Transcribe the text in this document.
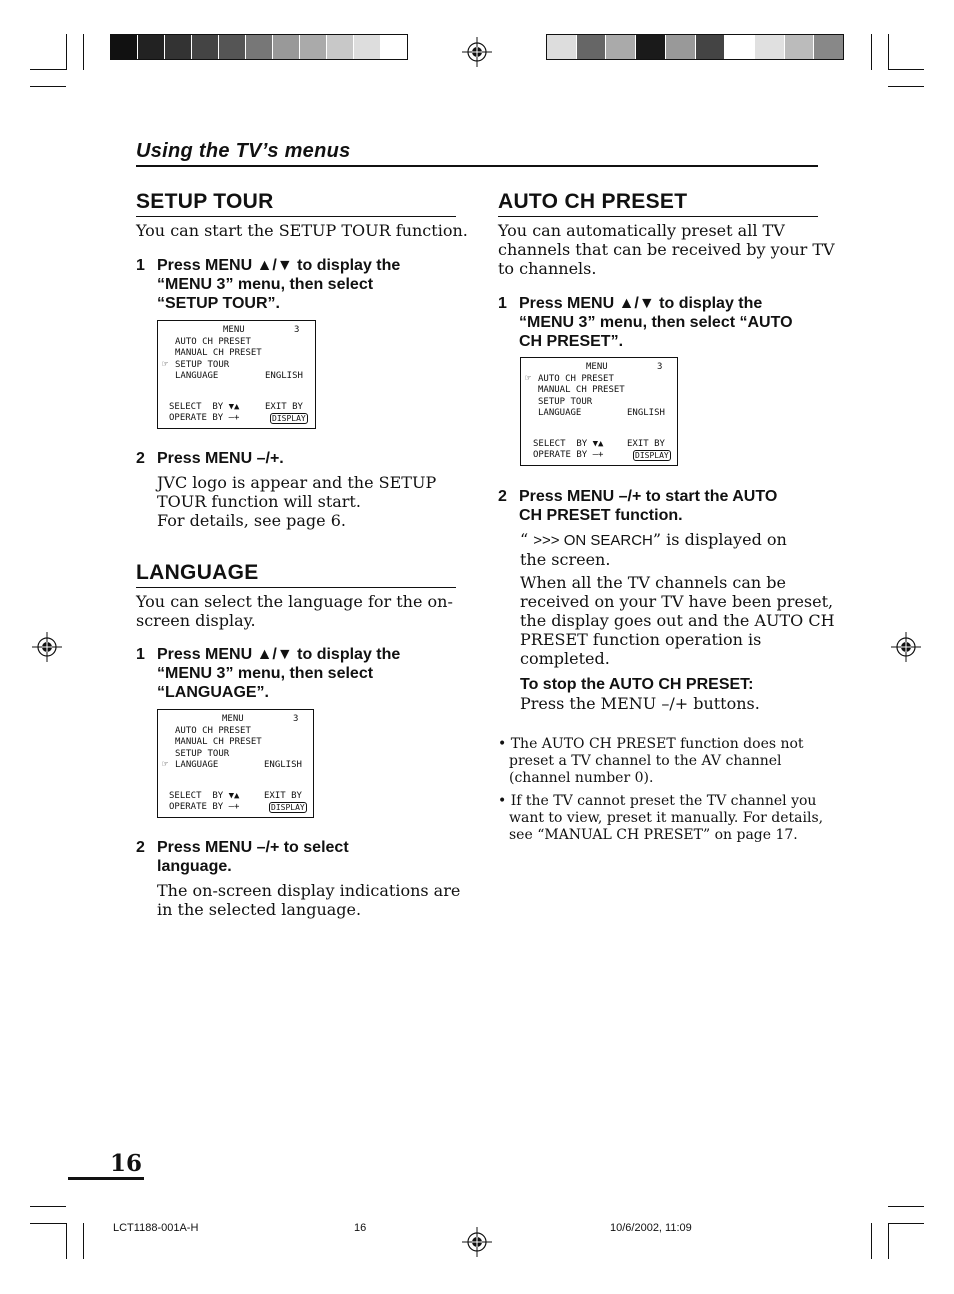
Using the TV’s menus
SETUP TOUR
You can start the SETUP TOUR function.
1 Press MENU ▲/▼ to display the
“MENU 3” menu, then select
“SETUP TOUR”.
MENU	3
AUTO CH PRESET
MANUAL CH PRESET
☞ SETUP TOUR
LANGUAGE	ENGLISH
SELECT  BY ▼▲	EXIT BY
OPERATE BY –+	DISPLAY
2 Press MENU –/+.
JVC logo is appear and the SETUP
TOUR function will start.
For details, see page 6.
LANGUAGE
You can select the language for the on-
screen display.
1 Press MENU ▲/▼ to display the
“MENU 3” menu, then select
“LANGUAGE”.
MENU	3
AUTO CH PRESET
MANUAL CH PRESET
SETUP TOUR
☞ LANGUAGE	ENGLISH
SELECT  BY ▼▲	EXIT BY
OPERATE BY –+	DISPLAY
2 Press MENU –/+ to select
language.
The on-screen display indications are
in the selected language.
AUTO CH PRESET
You can automatically preset all TV
channels that can be received by your TV
to channels.
1 Press MENU ▲/▼ to display the
“MENU 3” menu, then select “AUTO
CH PRESET”.
MENU	3
☞ AUTO CH PRESET
MANUAL CH PRESET
SETUP TOUR
LANGUAGE	ENGLISH
SELECT  BY ▼▲	EXIT BY
OPERATE BY –+	DISPLAY
2 Press MENU –/+ to start the AUTO
CH PRESET function.
“ >>> ON SEARCH” is displayed on
the screen.
When all the TV channels can be
received on your TV have been preset,
the display goes out and the AUTO CH
PRESET function operation is
completed.
To stop the AUTO CH PRESET:
Press the MENU –/+ buttons.
• The AUTO CH PRESET function does not
preset a TV channel to the AV channel
(channel number 0).
• If the TV cannot preset the TV channel you
want to view, preset it manually. For details,
see “MANUAL CH PRESET” on page 17.
16
LCT1188-001A-H	16	10/6/2002, 11:09
